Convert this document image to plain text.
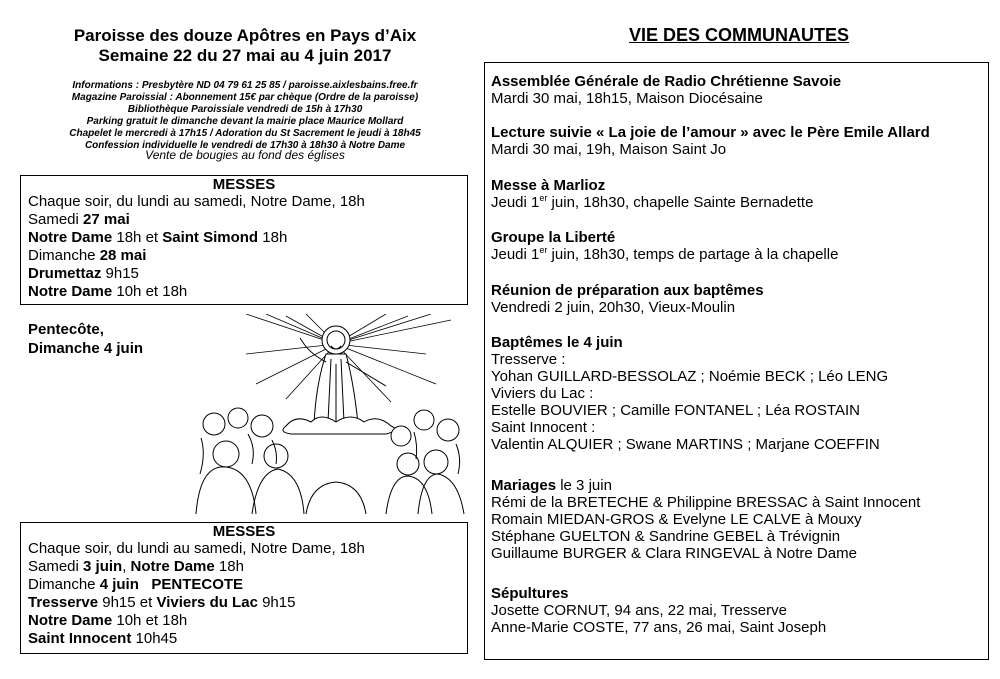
Paroisse des douze Apôtres en Pays d’Aix
Semaine 22 du 27 mai au 4 juin 2017
Informations : Presbytère ND 04 79 61 25 85 / paroisse.aixlesbains.free.fr
Magazine Paroissial : Abonnement 15€ par chèque (Ordre de la paroisse)
Bibliothèque Paroissiale vendredi de 15h à 17h30
Parking gratuit le dimanche devant la mairie place Maurice Mollard
Chapelet le mercredi à 17h15 / Adoration du St Sacrement le jeudi à 18h45
Confession individuelle le vendredi de 17h30 à 18h30 à Notre Dame
Vente de bougies au fond des églises
MESSES
Chaque soir, du lundi au samedi, Notre Dame, 18h
Samedi 27 mai
Notre Dame 18h et Saint Simond 18h
Dimanche 28 mai
Drumettaz 9h15
Notre Dame 10h et 18h
Pentecôte,
Dimanche 4 juin
MESSES
Chaque soir, du lundi au samedi, Notre Dame, 18h
Samedi 3 juin, Notre Dame 18h
Dimanche 4 juin   PENTECOTE
Tresserve 9h15 et Viviers du Lac 9h15
Notre Dame 10h et 18h
Saint Innocent 10h45
VIE DES COMMUNAUTES
Assemblée Générale de Radio Chrétienne Savoie
Mardi 30 mai, 18h15, Maison Diocésaine
Lecture suivie « La joie de l’amour » avec le Père Emile Allard
Mardi 30 mai, 19h, Maison Saint Jo
Messe à Marlioz
Jeudi 1er juin, 18h30, chapelle Sainte Bernadette
Groupe la Liberté
Jeudi 1er juin, 18h30, temps de partage à la chapelle
Réunion de préparation aux baptêmes
Vendredi 2 juin, 20h30, Vieux-Moulin
Baptêmes le 4 juin
Tresserve :
Yohan GUILLARD-BESSOLAZ ; Noémie BECK ; Léo LENG
Viviers du Lac :
Estelle BOUVIER ; Camille FONTANEL ; Léa ROSTAIN
Saint Innocent :
Valentin ALQUIER ; Swane MARTINS ; Marjane COEFFIN
Mariages le 3 juin
Rémi de la BRETECHE & Philippine BRESSAC à Saint Innocent
Romain MIEDAN-GROS & Evelyne LE CALVE à Mouxy
Stéphane GUELTON & Sandrine GEBEL à Trévignin
Guillaume BURGER & Clara RINGEVAL à Notre Dame
Sépultures
Josette CORNUT, 94 ans, 22 mai, Tresserve
Anne-Marie COSTE, 77 ans, 26 mai, Saint Joseph
